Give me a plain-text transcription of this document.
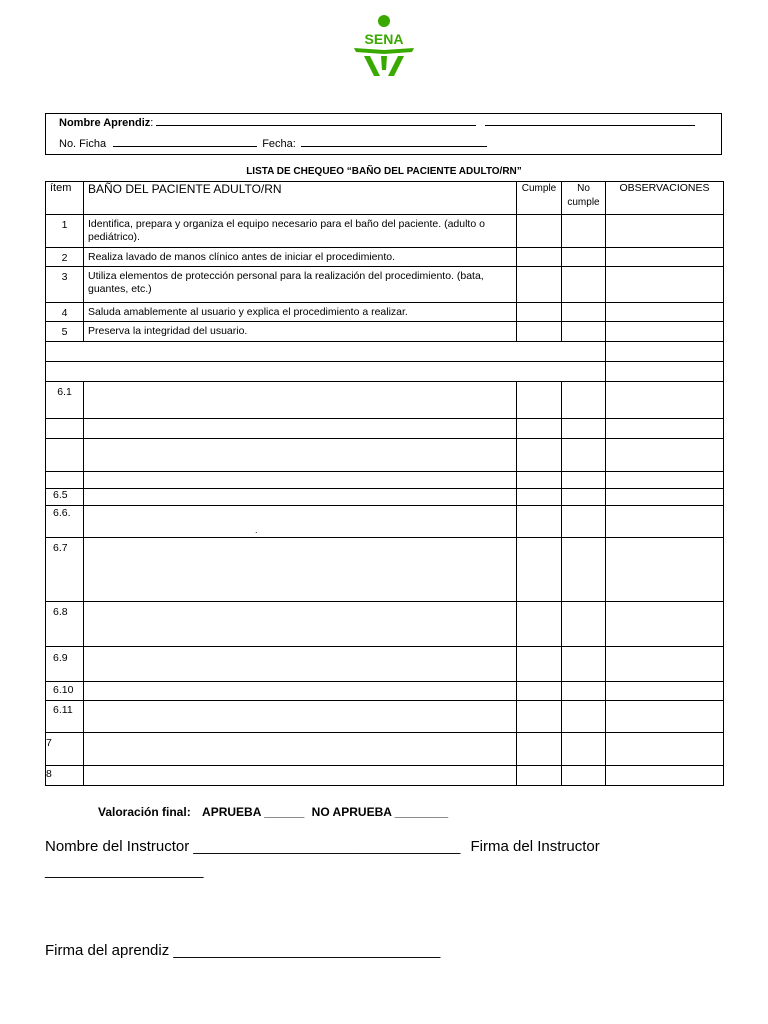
SENA
Nombre Aprendiz:
No. Ficha	Fecha:
LISTA DE CHEQUEO “BAÑO DEL PACIENTE ADULTO/RN”
ítem	BAÑO DEL PACIENTE ADULTO/RN	Cumple	No cumple	OBSERVACIONES
1	Identifica, prepara y organiza el equipo necesario para el baño del paciente. (adulto o pediátrico).			
2	Realiza lavado de manos clínico antes de iniciar el procedimiento.			
3	Utiliza elementos de protección personal para la realización del procedimiento. (bata, guantes, etc.)			
4	Saluda amablemente al usuario y explica el procedimiento a realizar.			
5	Preserva la integridad del usuario.			

6.1				

6.5				
6.6.				
6.7				
6.8				
6.9				
6.10				
6.11				
7				
8				
.
Valoración final: APRUEBA ______ NO APRUEBA ________
Nombre del Instructor ________________________________ Firma del Instructor
___________________
Firma del aprendiz ________________________________
